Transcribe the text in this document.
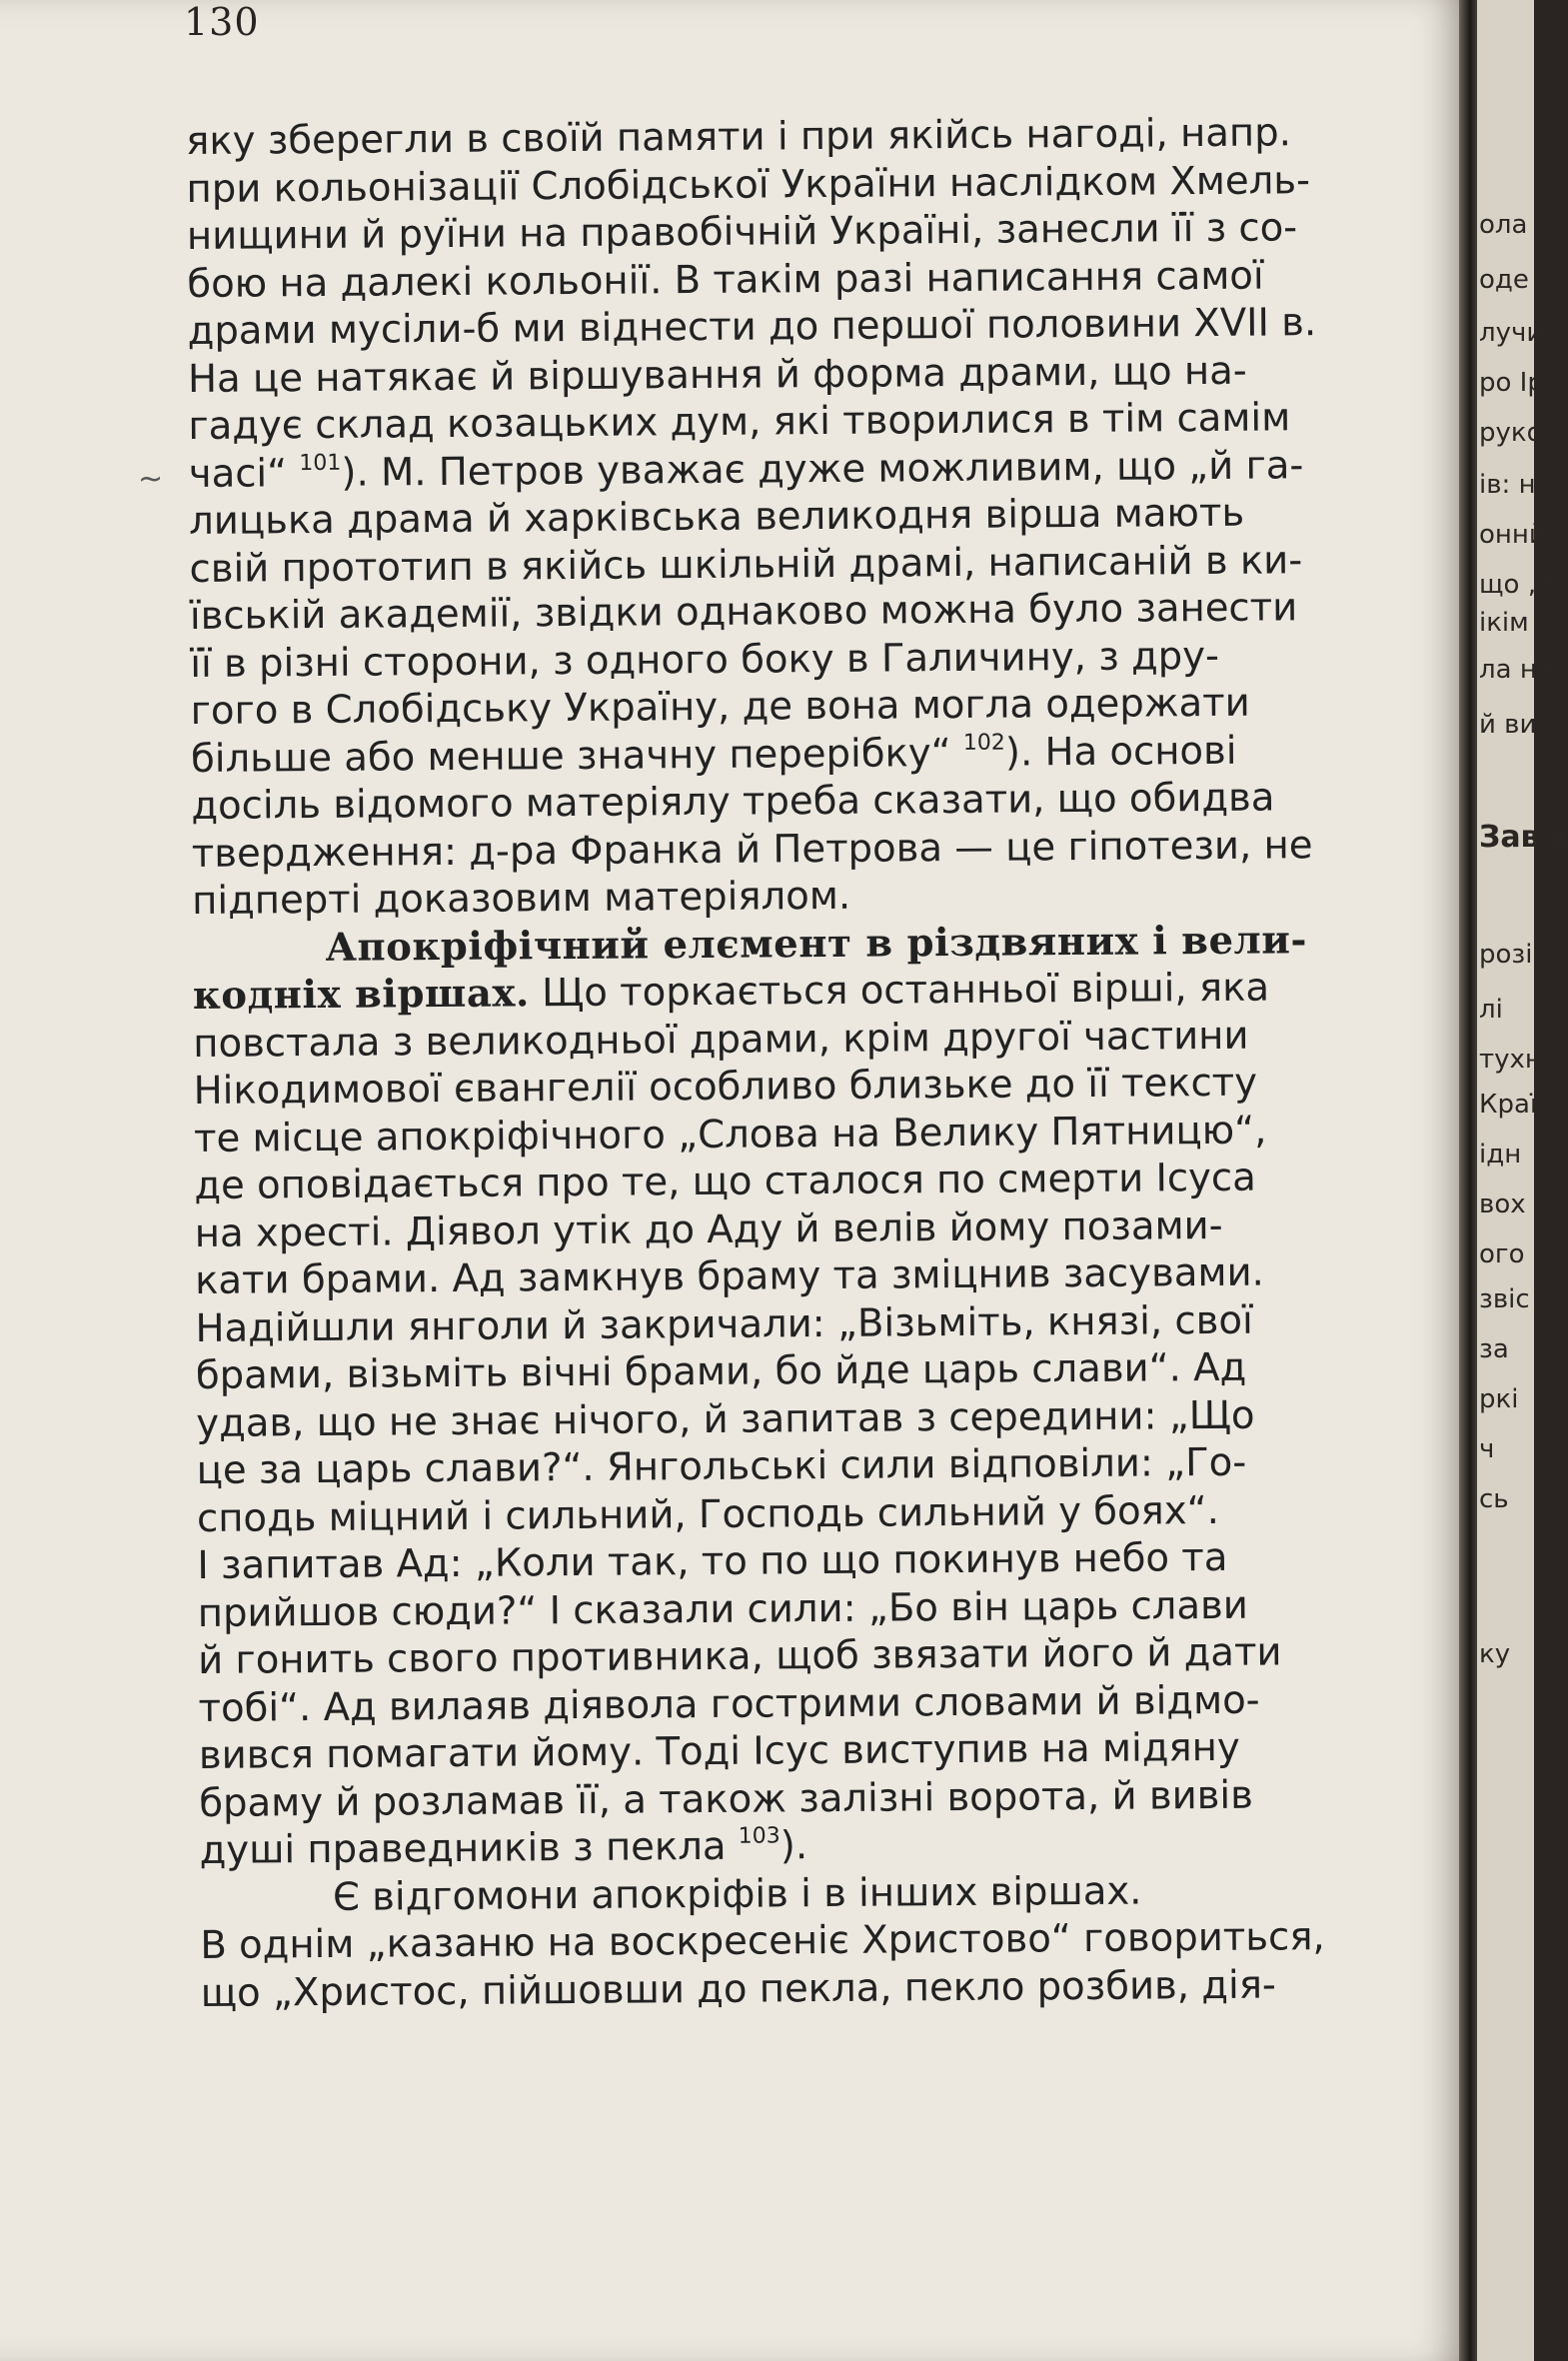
130
~
яку зберегли в своїй памяти і при якійсь нагоді, напр.
при кольонізації Слобідської України наслідком Хмель-
нищини й руїни на правобічній Україні, занесли її з со-
бою на далекі кольонії. В такім разі написання самої
драми мусіли-б ми віднести до першої половини XVII в.
На це натякає й віршування й форма драми, що на-
гадує склад козацьких дум, які творилися в тім самім
часі“ $^{101}$). М. Петров уважає дуже можливим, що „й га-
лицька драма й харківська великодня вірша мають
свій прототип в якійсь шкільній драмі, написаній в ки-
ївській академії, звідки однаково можна було занести
її в різні сторони, з одного боку в Галичину, з дру-
гого в Слобідську Україну, де вона могла одержати
більше або менше значну перерібку“ $^{102}$). На основі
досіль відомого матеріялу треба сказати, що обидва
твердження: д-ра Франка й Петрова — це гіпотези, не
підперті доказовим матеріялом.
Апокріфічний елємент в різдвяних і вели-
кодніх віршах. Що торкається останньої вірші, яка
повстала з великодньої драми, крім другої частини
Нікодимової євангелії особливо близьке до її тексту
те місце апокріфічного „Слова на Велику Пятницю“,
де оповідається про те, що сталося по смерти Ісуса
на хресті. Діявол утік до Аду й велів йому позами-
кати брами. Ад замкнув браму та зміцнив засувами.
Надійшли янголи й закричали: „Візьміть, князі, свої
брами, візьміть вічні брами, бо йде царь слави“. Ад
удав, що не знає нічого, й запитав з середини: „Що
це за царь слави?“. Янгольські сили відповіли: „Го-
сподь міцний і сильний, Господь сильний у боях“.
І запитав Ад: „Коли так, то по що покинув небо та
прийшов сюди?“ І сказали сили: „Бо він царь слави
й гонить свого противника, щоб звязати його й дати
тобі“. Ад вилаяв діявола гострими словами й відмо-
вився помагати йому. Тоді Ісус виступив на мідяну
браму й розламав її, а також залізні ворота, й вивів
душі праведників з пекла $^{103}$).
Є відгомони апокріфів і в інших віршах.
В однім „казаню на воскресеніє Христово“ говориться,
що „Христос, пійшовши до пекла, пекло розбив, дія-
ола і
оде і
лучи,
ро Ір
руко
ів: н
оннй
що „т
ікім
ла на
й ви
Зав'я
розі
лі
тухн
Краї
ідн
вох
ого
звіс
за
ркі
ч
сь
ку
